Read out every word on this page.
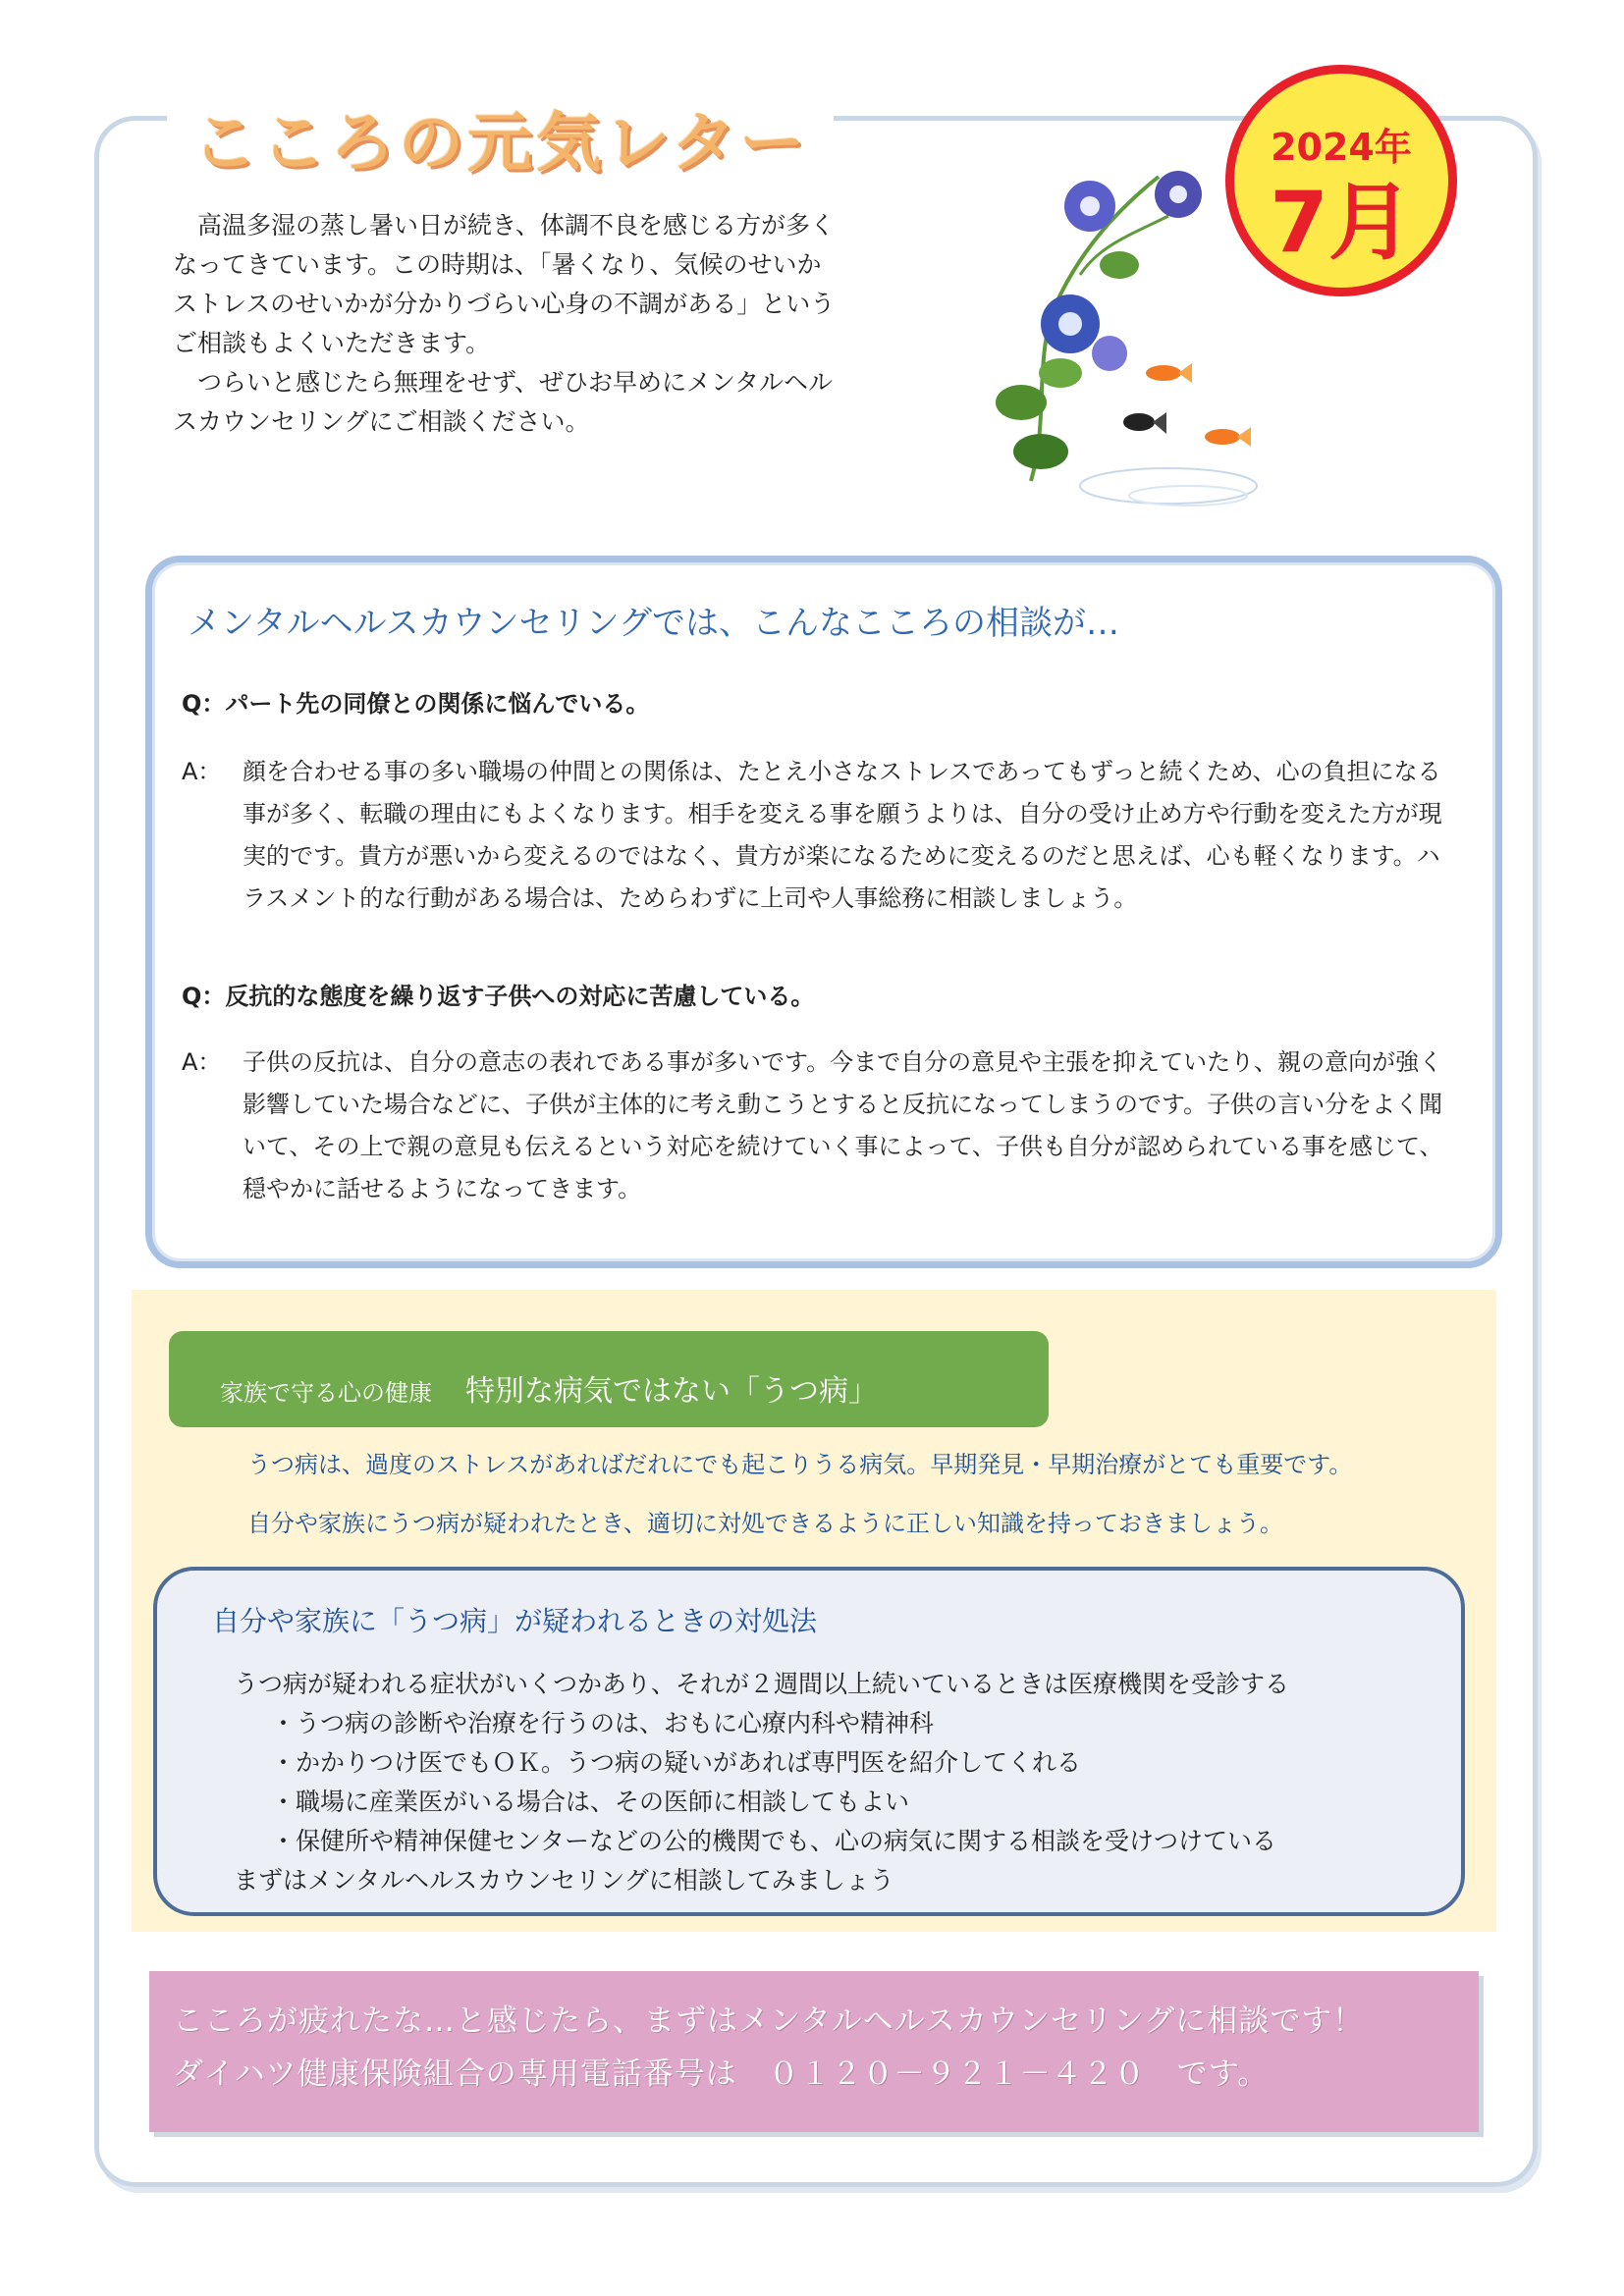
こころの元気レター	2024年
7月

高温多湿の蒸し暑い日が続き、体調不良を感じる方が多くなってきています。この時期は、「暑くなり、気候のせいかストレスのせいかが分かりづらい心身の不調がある」というご相談もよくいただきます。

つらいと感じたら無理をせず、ぜひお早めにメンタルヘルスカウンセリングにご相談ください。

メンタルヘルスカウンセリングでは、こんなこころの相談が…
Q：パート先の同僚との関係に悩んでいる。
A： 顔を合わせる事の多い職場の仲間との関係は、たとえ小さなストレスであってもずっと続くため、心の負担になる事が多く、転職の理由にもよくなります。相手を変える事を願うよりは、自分の受け止め方や行動を変えた方が現実的です。貴方が悪いから変えるのではなく、貴方が楽になるために変えるのだと思えば、心も軽くなります。ハラスメント的な行動がある場合は、ためらわずに上司や人事総務に相談しましょう。
Q：反抗的な態度を繰り返す子供への対応に苦慮している。
A： 子供の反抗は、自分の意志の表れである事が多いです。今まで自分の意見や主張を抑えていたり、親の意向が強く影響していた場合などに、子供が主体的に考え動こうとすると反抗になってしまうのです。子供の言い分をよく聞いて、その上で親の意見も伝えるという対応を続けていく事によって、子供も自分が認められている事を感じて、穏やかに話せるようになってきます。
家族で守る心の健康 特別な病気ではない「うつ病」
うつ病は、過度のストレスがあればだれにでも起こりうる病気。早期発見・早期治療がとても重要です。
自分や家族にうつ病が疑われたとき、適切に対処できるように正しい知識を持っておきましょう。
自分や家族に「うつ病」が疑われるときの対処法
うつ病が疑われる症状がいくつかあり、それが２週間以上続いているときは医療機関を受診する
・うつ病の診断や治療を行うのは、おもに心療内科や精神科
・かかりつけ医でもＯＫ。うつ病の疑いがあれば専門医を紹介してくれる
・職場に産業医がいる場合は、その医師に相談してもよい
・保健所や精神保健センターなどの公的機関でも、心の病気に関する相談を受けつけている
まずはメンタルヘルスカウンセリングに相談してみましょう
こころが疲れたな…と感じたら、まずはメンタルヘルスカウンセリングに相談です！
ダイハツ健康保険組合の専用電話番号は　０１２０－９２１－４２０　です。
